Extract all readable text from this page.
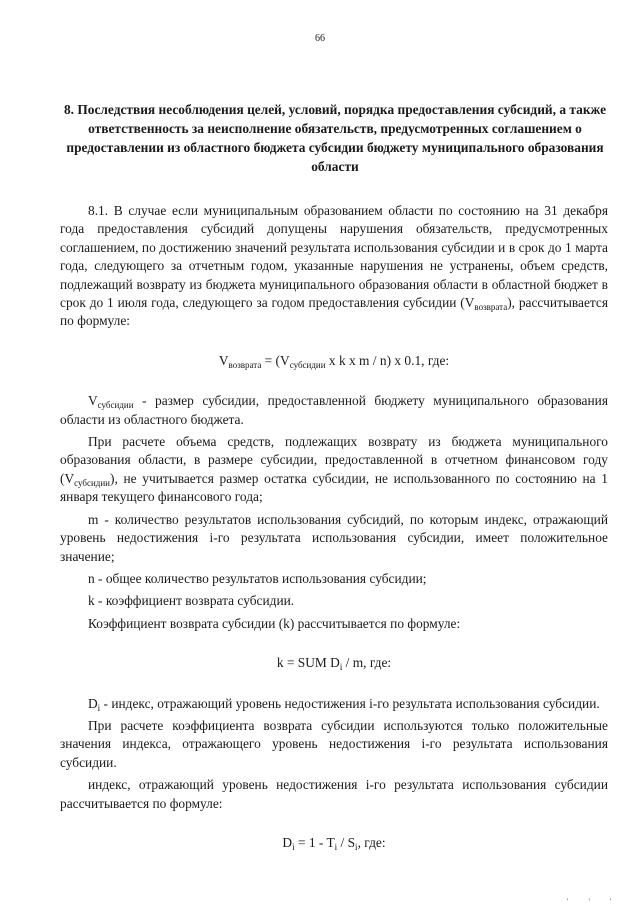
66
8. Последствия несоблюдения целей, условий, порядка предоставления субсидий, а также ответственность за неисполнение обязательств, предусмотренных соглашением о предоставлении из областного бюджета субсидии бюджету муниципального образования области

8.1. В случае если муниципальным образованием области по состоянию на 31 декабря года предоставления субсидий допущены нарушения обязательств, предусмотренных соглашением, по достижению значений результата использования субсидии и в срок до 1 марта года, следующего за отчетным годом, указанные нарушения не устранены, объем средств, подлежащий возврату из бюджета муниципального образования области в областной бюджет в срок до 1 июля года, следующего за годом предоставления субсидии $(V_{возврата})$, рассчитывается по формуле:

$V_{возврата} = (V_{субсидии}$ x k x m / n) x 0.1, где:

$V_{субсидии}$ - размер субсидии, предоставленной бюджету муниципального образования области из областного бюджета.

При расчете объема средств, подлежащих возврату из бюджета муниципального образования области, в размере субсидии, предоставленной в отчетном финансовом году $(V_{субсидии})$, не учитывается размер остатка субсидии, не использованного по состоянию на 1 января текущего финансового года;

m - количество результатов использования субсидий, по которым индекс, отражающий уровень недостижения i-го результата использования субсидии, имеет положительное значение;

n - общее количество результатов использования субсидии;

k - коэффициент возврата субсидии.

Коэффициент возврата субсидии (k) рассчитывается по формуле:

k = SUM $D_i$ / m, где:

$D_i$ - индекс, отражающий уровень недостижения i-го результата использования субсидии.

При расчете коэффициента возврата субсидии используются только положительные значения индекса, отражающего уровень недостижения i-го результата использования субсидии.

индекс, отражающий уровень недостижения i-го результата использования субсидии рассчитывается по формуле:

$D_i = 1 - T_i / S_i$, где:

' ' '
